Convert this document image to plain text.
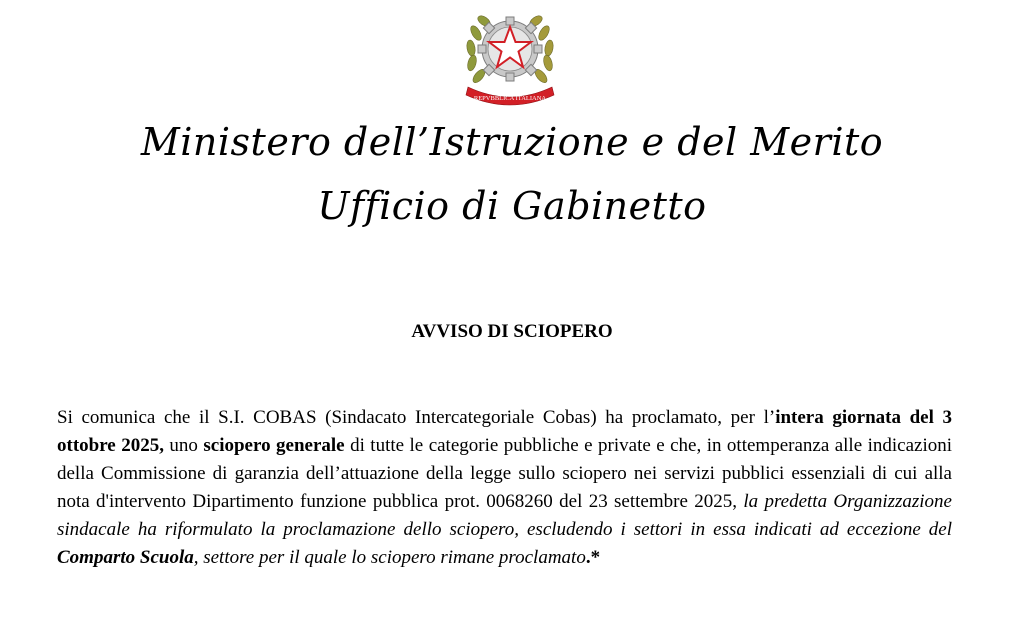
REPVBBLICA ITALIANA
Ministero dell’Istruzione e del Merito
Ufficio di Gabinetto
AVVISO DI SCIOPERO
Si comunica che il S.I. COBAS (Sindacato Intercategoriale Cobas) ha proclamato, per l’intera giornata del 3 ottobre 2025, uno sciopero generale di tutte le categorie pubbliche e private e che, in ottemperanza alle indicazioni della Commissione di garanzia dell’attuazione della legge sullo sciopero nei servizi pubblici essenziali di cui alla nota d'intervento Dipartimento funzione pubblica prot. 0068260 del 23 settembre 2025, la predetta Organizzazione sindacale ha riformulato la proclamazione dello sciopero, escludendo i settori in essa indicati ad eccezione del Comparto Scuola, settore per il quale lo sciopero rimane proclamato.*
